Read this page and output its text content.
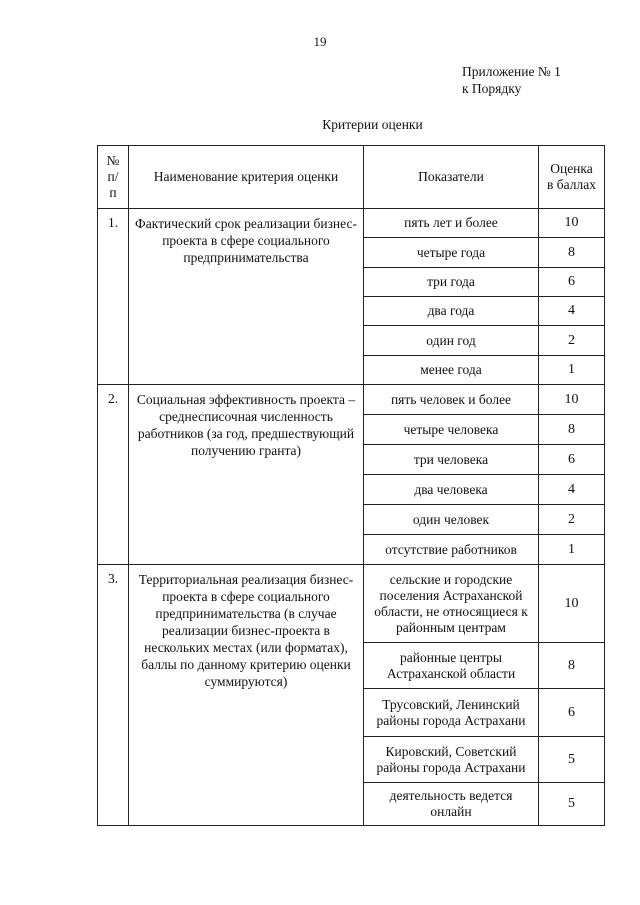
19
Приложение № 1
к Порядку
Критерии оценки
№ п/п	Наименование критерия оценки	Показатели	Оценка в баллах
1.	Фактический срок реализации бизнес-проекта в сфере социального предпринимательства	пять лет и более	10
		четыре года	8
		три года	6
		два года	4
		один год	2
		менее года	1
2.	Социальная эффективность проекта – среднесписочная численность работников (за год, предшествующий получению гранта)	пять человек и более	10
		четыре человека	8
		три человека	6
		два человека	4
		один человек	2
		отсутствие работников	1
3.	Территориальная реализация бизнес-проекта в сфере социального предпринимательства (в случае реализации бизнес-проекта в нескольких местах (или форматах), баллы по данному критерию оценки суммируются)	сельские и городские поселения Астраханской области, не относящиеся к районным центрам	10
		районные центры Астраханской области	8
		Трусовский, Ленинский районы города Астрахани	6
		Кировский, Советский районы города Астрахани	5
		деятельность ведется онлайн	5
